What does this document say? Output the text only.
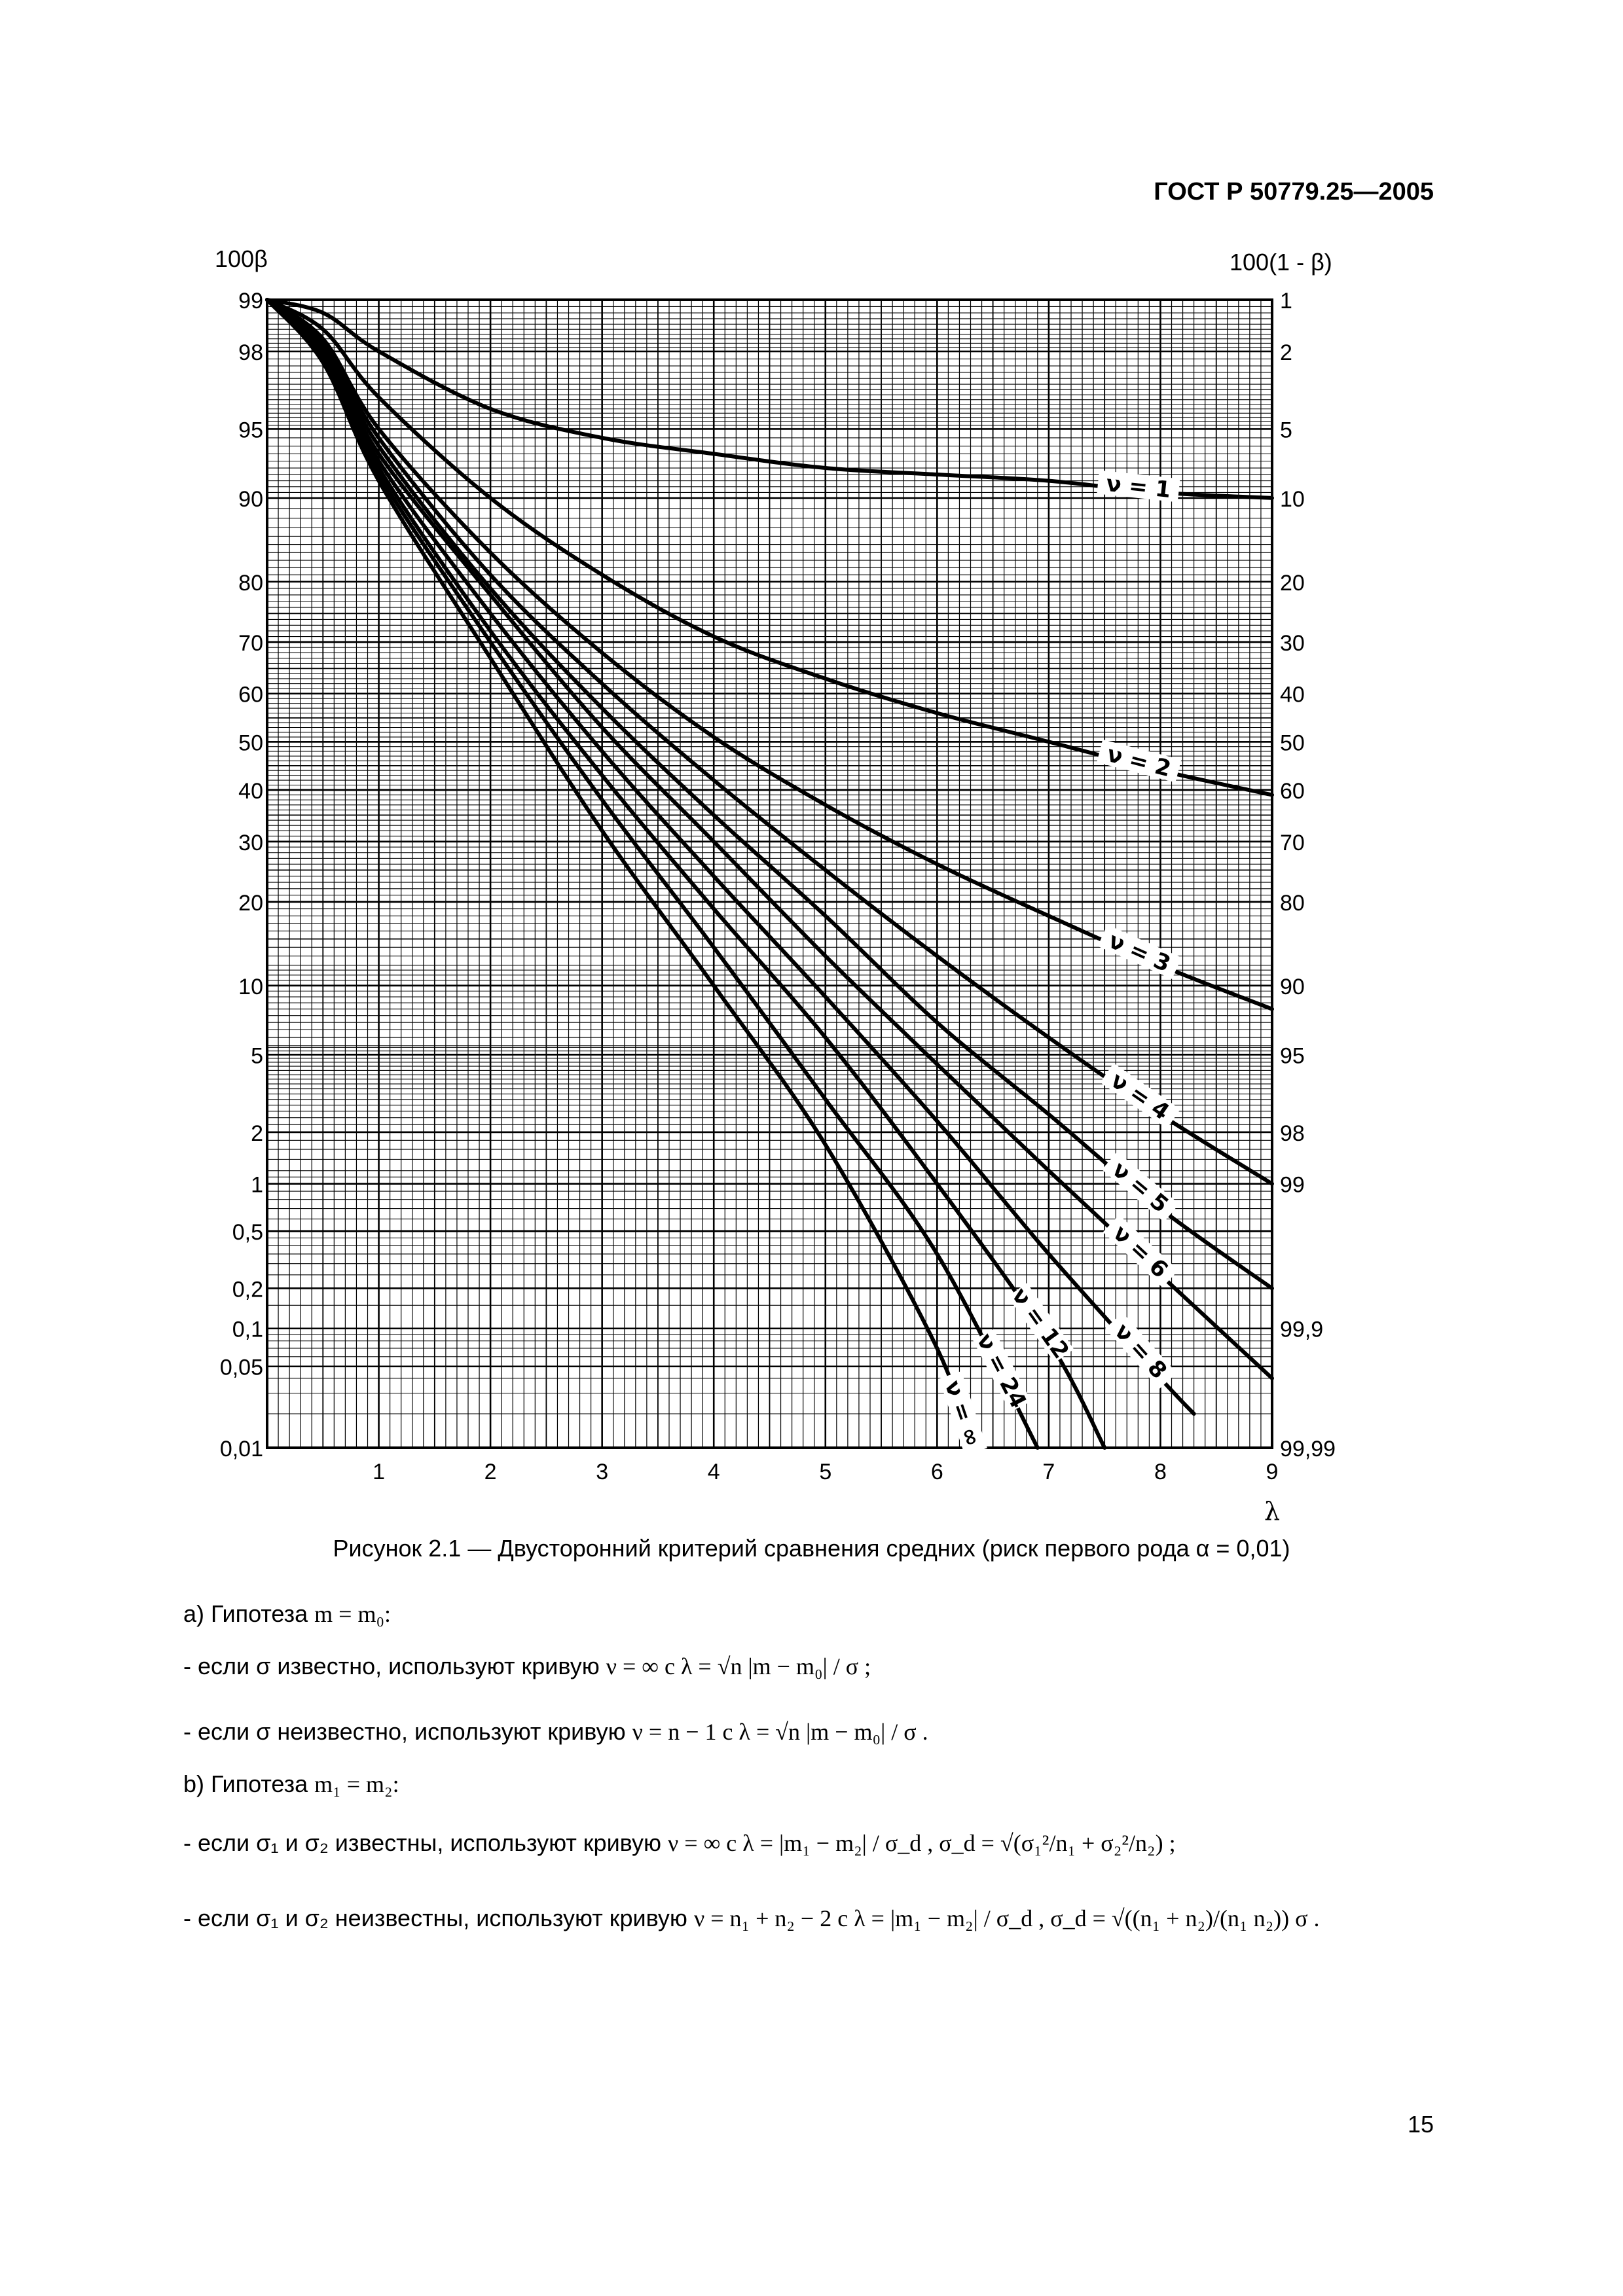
ГОСТ Р 50779.25—2005
100β	100(1 - β)
λ
99
98
95
90
80
70
60
50
40
30
20
10
5
2
1
0,5
0,2
0,1
0,05
0,01
1
2
5
10
20
30
40
50
60
70
80
90
95
98
99
99,9
99,99
1	2	3	4	5	6	7	8	9
ν = 1
ν = 2
ν = 3
ν = 4
ν = 5
ν = 6
ν = 8
ν = 12
ν = 24
ν = ∞
Рисунок 2.1 — Двусторонний критерий сравнения средних (риск первого рода α = 0,01)
a) Гипотеза m = m₀:
- если σ известно, используют кривую ν = ∞ с λ = √n |m − m₀| / σ ;
- если σ неизвестно, используют кривую ν = n − 1 с λ = √n |m − m₀| / σ .
b) Гипотеза m₁ = m₂:
- если σ₁ и σ₂ известны, используют кривую ν = ∞ с λ = |m₁ − m₂| / σ_d , σ_d = √(σ₁²/n₁ + σ₂²/n₂) ;
- если σ₁ и σ₂ неизвестны, используют кривую ν = n₁ + n₂ − 2 с λ = |m₁ − m₂| / σ_d , σ_d = √((n₁ + n₂)/(n₁ n₂)) σ .
15
